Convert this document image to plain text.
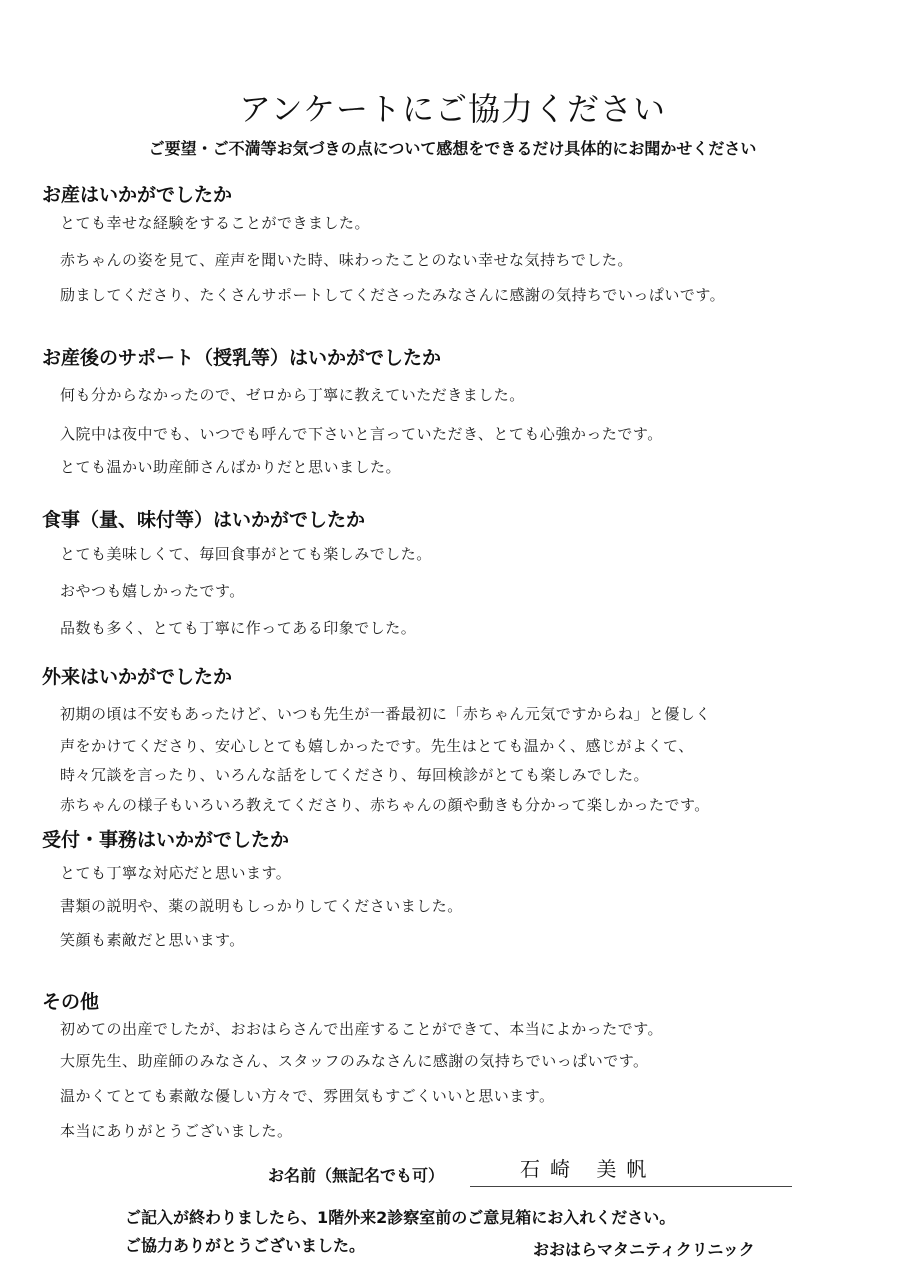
アンケートにご協力ください
ご要望・ご不満等お気づきの点について感想をできるだけ具体的にお聞かせください
お産はいかがでしたか
とても幸せな経験をすることができました。
赤ちゃんの姿を見て、産声を聞いた時、味わったことのない幸せな気持ちでした。
励ましてくださり、たくさんサポートしてくださったみなさんに感謝の気持ちでいっぱいです。
お産後のサポート（授乳等）はいかがでしたか
何も分からなかったので、ゼロから丁寧に教えていただきました。
入院中は夜中でも、いつでも呼んで下さいと言っていただき、とても心強かったです。
とても温かい助産師さんばかりだと思いました。
食事（量、味付等）はいかがでしたか
とても美味しくて、毎回食事がとても楽しみでした。
おやつも嬉しかったです。
品数も多く、とても丁寧に作ってある印象でした。
外来はいかがでしたか
初期の頃は不安もあったけど、いつも先生が一番最初に「赤ちゃん元気ですからね」と優しく
声をかけてくださり、安心しとても嬉しかったです。先生はとても温かく、感じがよくて、
時々冗談を言ったり、いろんな話をしてくださり、毎回検診がとても楽しみでした。
赤ちゃんの様子もいろいろ教えてくださり、赤ちゃんの顔や動きも分かって楽しかったです。
受付・事務はいかがでしたか
とても丁寧な対応だと思います。
書類の説明や、薬の説明もしっかりしてくださいました。
笑顔も素敵だと思います。
その他
初めての出産でしたが、おおはらさんで出産することができて、本当によかったです。
大原先生、助産師のみなさん、スタッフのみなさんに感謝の気持ちでいっぱいです。
温かくてとても素敵な優しい方々で、雰囲気もすごくいいと思います。
本当にありがとうございました。
お名前（無記名でも可）	石崎 美帆
ご記入が終わりましたら、1階外来2診察室前のご意見箱にお入れください。
ご協力ありがとうございました。	おおはらマタニティクリニック
